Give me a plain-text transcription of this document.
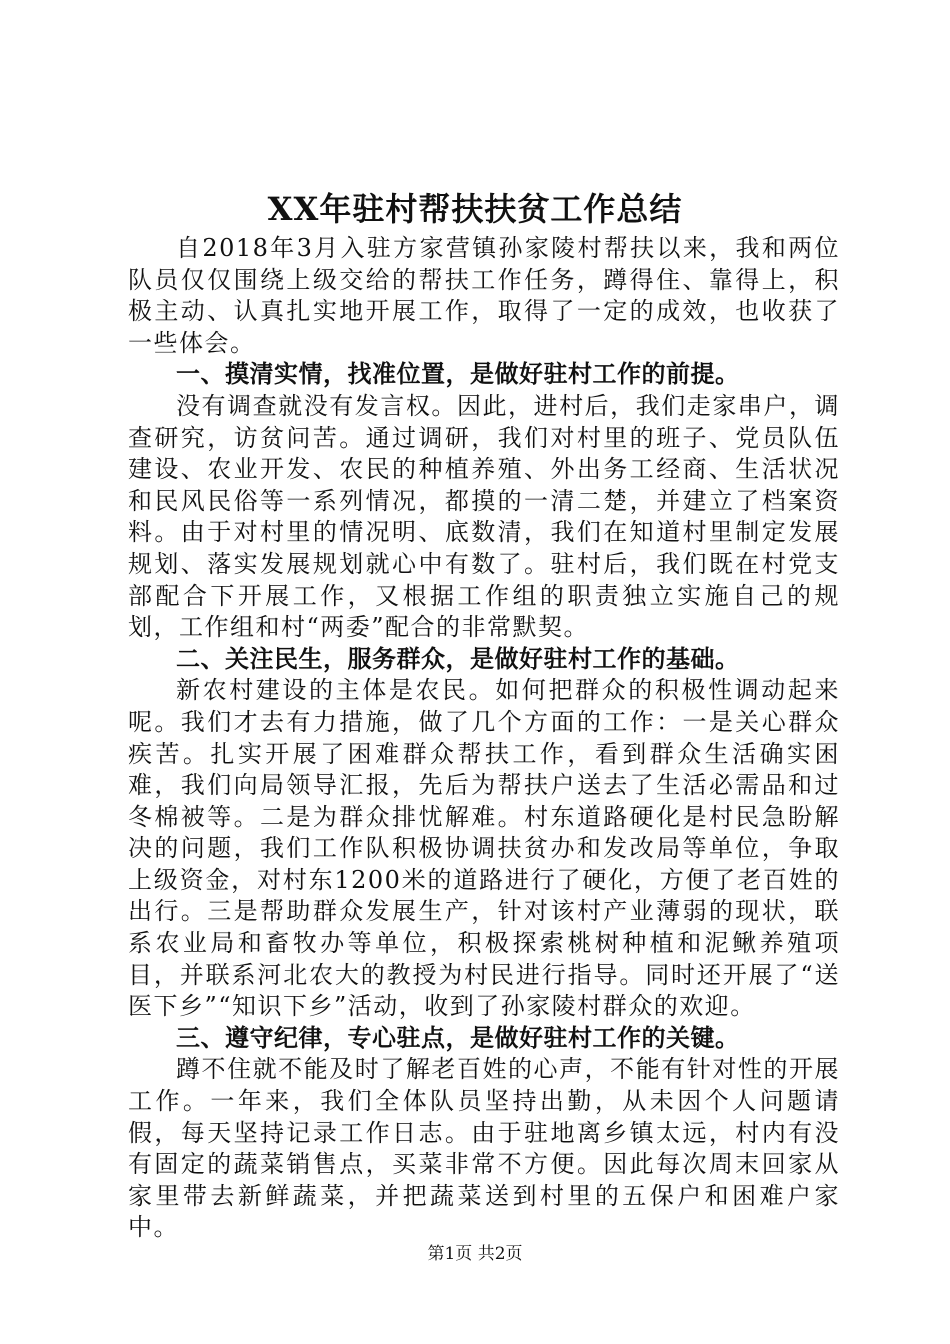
XX年驻村帮扶扶贫工作总结

自2018年3月入驻方家营镇孙家陵村帮扶以来，我和两位队员仅仅围绕上级交给的帮扶工作任务，蹲得住、靠得上，积极主动、认真扎实地开展工作，取得了一定的成效，也收获了一些体会。

一、摸清实情，找准位置，是做好驻村工作的前提。

没有调查就没有发言权。因此，进村后，我们走家串户，调查研究，访贫问苦。通过调研，我们对村里的班子、党员队伍建设、农业开发、农民的种植养殖、外出务工经商、生活状况和民风民俗等一系列情况，都摸的一清二楚，并建立了档案资料。由于对村里的情况明、底数清，我们在知道村里制定发展规划、落实发展规划就心中有数了。驻村后，我们既在村党支部配合下开展工作，又根据工作组的职责独立实施自己的规划，工作组和村“两委”配合的非常默契。

二、关注民生，服务群众，是做好驻村工作的基础。

新农村建设的主体是农民。如何把群众的积极性调动起来呢。我们才去有力措施，做了几个方面的工作：一是关心群众疾苦。扎实开展了困难群众帮扶工作，看到群众生活确实困难，我们向局领导汇报，先后为帮扶户送去了生活必需品和过冬棉被等。二是为群众排忧解难。村东道路硬化是村民急盼解决的问题，我们工作队积极协调扶贫办和发改局等单位，争取上级资金，对村东1200米的道路进行了硬化，方便了老百姓的出行。三是帮助群众发展生产，针对该村产业薄弱的现状，联系农业局和畜牧办等单位，积极探索桃树种植和泥鳅养殖项目，并联系河北农大的教授为村民进行指导。同时还开展了“送医下乡”“知识下乡”活动，收到了孙家陵村群众的欢迎。

三、遵守纪律，专心驻点，是做好驻村工作的关键。

蹲不住就不能及时了解老百姓的心声，不能有针对性的开展工作。一年来，我们全体队员坚持出勤，从未因个人问题请假，每天坚持记录工作日志。由于驻地离乡镇太远，村内有没有固定的蔬菜销售点，买菜非常不方便。因此每次周末回家从家里带去新鲜蔬菜，并把蔬菜送到村里的五保户和困难户家中。

第1页 共2页
